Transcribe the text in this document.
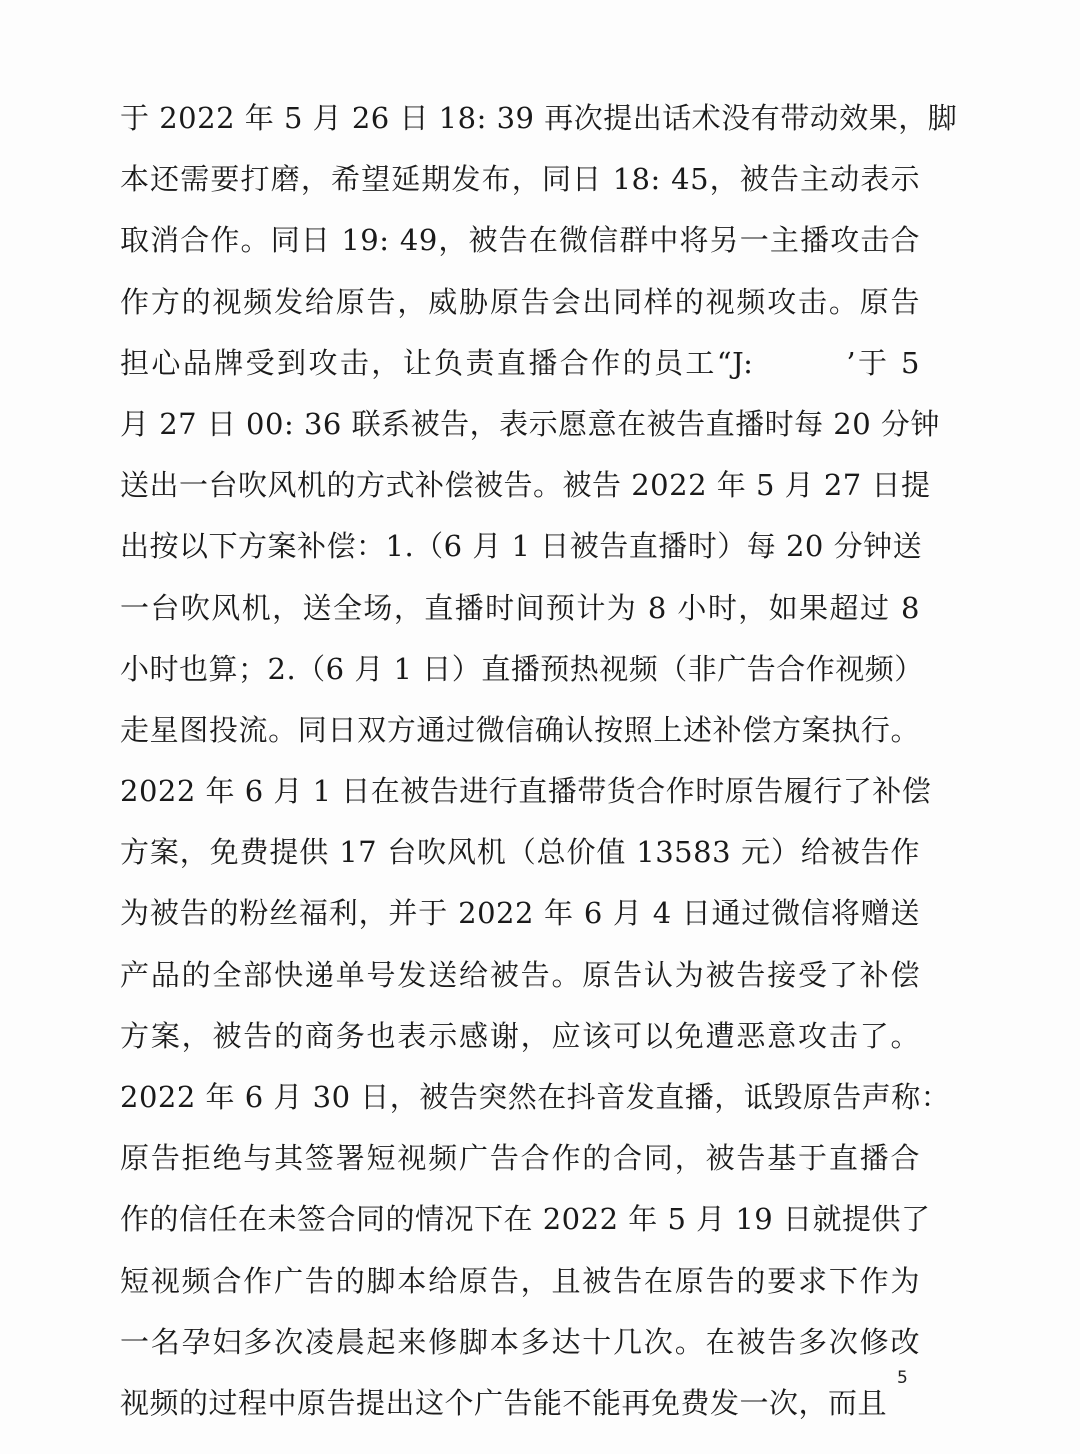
于 2022 年 5 月 26 日 18: 39 再次提出话术没有带动效果，脚
本还需要打磨，希望延期发布，同日 18: 45，被告主动表示
取消合作。同日 19: 49，被告在微信群中将另一主播攻击合
作方的视频发给原告，威胁原告会出同样的视频攻击。原告
担心品牌受到攻击，让负责直播合作的员工“J:        ’于 5
月 27 日 00: 36 联系被告，表示愿意在被告直播时每 20 分钟
送出一台吹风机的方式补偿被告。被告 2022 年 5 月 27 日提
出按以下方案补偿：1.（6 月 1 日被告直播时）每 20 分钟送
一台吹风机，送全场，直播时间预计为 8 小时，如果超过 8
小时也算；2.（6 月 1 日）直播预热视频（非广告合作视频）
走星图投流。同日双方通过微信确认按照上述补偿方案执行。
2022 年 6 月 1 日在被告进行直播带货合作时原告履行了补偿
方案，免费提供 17 台吹风机（总价值 13583 元）给被告作
为被告的粉丝福利，并于 2022 年 6 月 4 日通过微信将赠送
产品的全部快递单号发送给被告。原告认为被告接受了补偿
方案，被告的商务也表示感谢，应该可以免遭恶意攻击了。
2022 年 6 月 30 日，被告突然在抖音发直播，诋毁原告声称：
原告拒绝与其签署短视频广告合作的合同，被告基于直播合
作的信任在未签合同的情况下在 2022 年 5 月 19 日就提供了
短视频合作广告的脚本给原告，且被告在原告的要求下作为
一名孕妇多次凌晨起来修脚本多达十几次。在被告多次修改
视频的过程中原告提出这个广告能不能再免费发一次，而且
5
